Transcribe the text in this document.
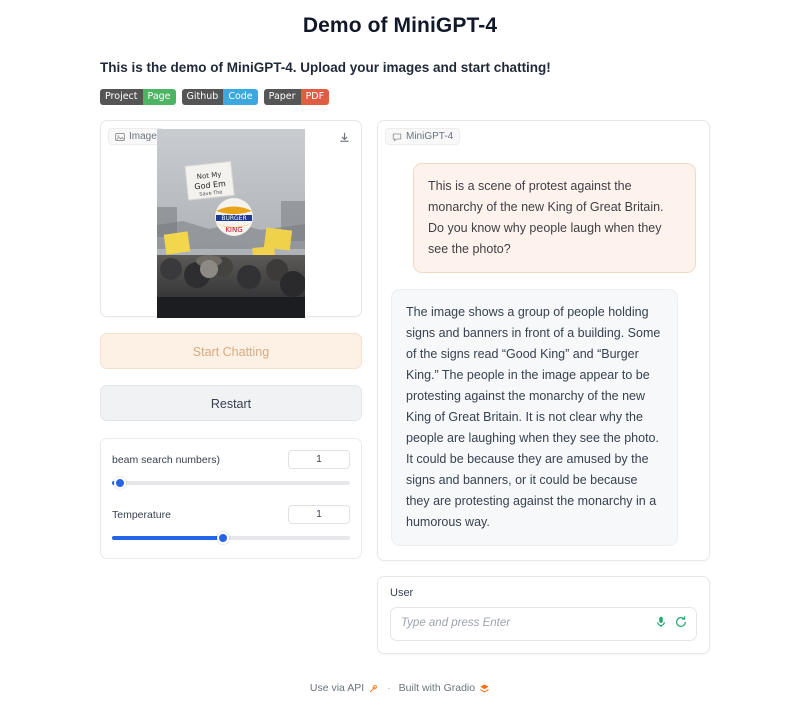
Demo of MiniGPT-4
This is the demo of MiniGPT-4. Upload your images and start chatting!
Project	Page	Github	Code	Paper	PDF
Image
Not My
God Em
Save The
BURGER
KING
Start Chatting
Restart
beam search numbers)	1
Temperature	1
MiniGPT-4
This is a scene of protest against the monarchy of the new King of Great Britain. Do you know why people laugh when they see the photo?
The image shows a group of people holding signs and banners in front of a building. Some of the signs read “Good King” and “Burger King.” The people in the image appear to be protesting against the monarchy of the new King of Great Britain. It is not clear why the people are laughing when they see the photo. It could be because they are amused by the signs and banners, or it could be because they are protesting against the monarchy in a humorous way.
User
Type and press Enter
Use via API · Built with Gradio
